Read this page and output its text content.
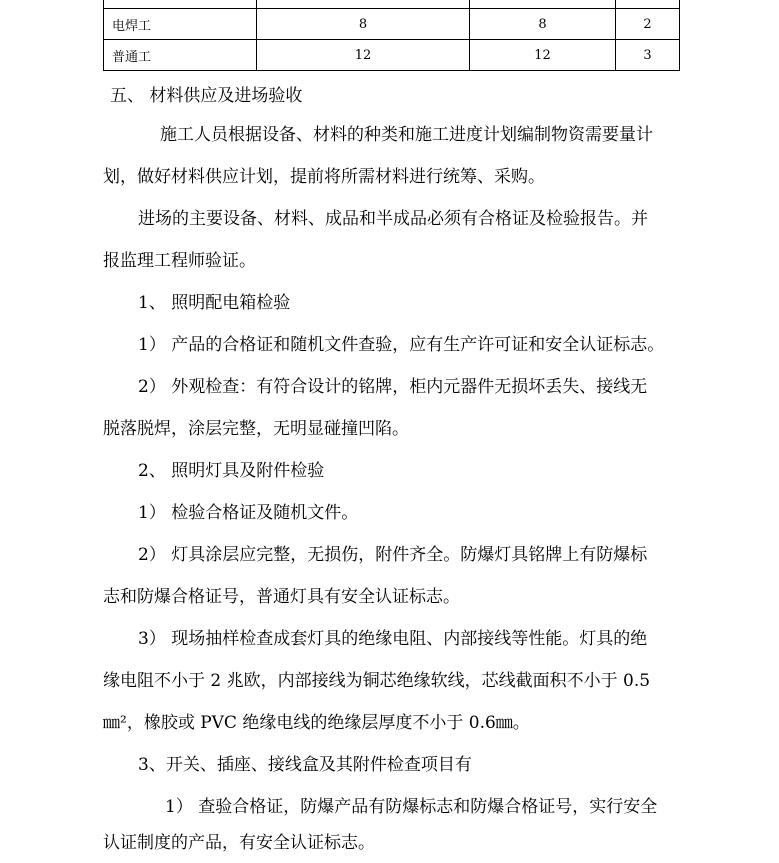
电焊工	8	8	2
普通工	12	12	3
五、 材料供应及进场验收
施工人员根据设备、材料的种类和施工进度计划编制物资需要量计
划，做好材料供应计划，提前将所需材料进行统筹、采购。
进场的主要设备、材料、成品和半成品必须有合格证及检验报告。并
报监理工程师验证。
1、 照明配电箱检验
1） 产品的合格证和随机文件查验，应有生产许可证和安全认证标志。
2） 外观检查：有符合设计的铭牌，柜内元器件无损坏丢失、接线无
脱落脱焊，涂层完整，无明显碰撞凹陷。
2、 照明灯具及附件检验
1） 检验合格证及随机文件。
2） 灯具涂层应完整，无损伤，附件齐全。防爆灯具铭牌上有防爆标
志和防爆合格证号，普通灯具有安全认证标志。
3） 现场抽样检查成套灯具的绝缘电阻、内部接线等性能。灯具的绝
缘电阻不小于 2 兆欧，内部接线为铜芯绝缘软线，芯线截面积不小于 0.5
㎜²，橡胶或 PVC 绝缘电线的绝缘层厚度不小于 0.6㎜。
3、开关、插座、接线盒及其附件检查项目有
1） 查验合格证，防爆产品有防爆标志和防爆合格证号，实行安全
认证制度的产品，有安全认证标志。
